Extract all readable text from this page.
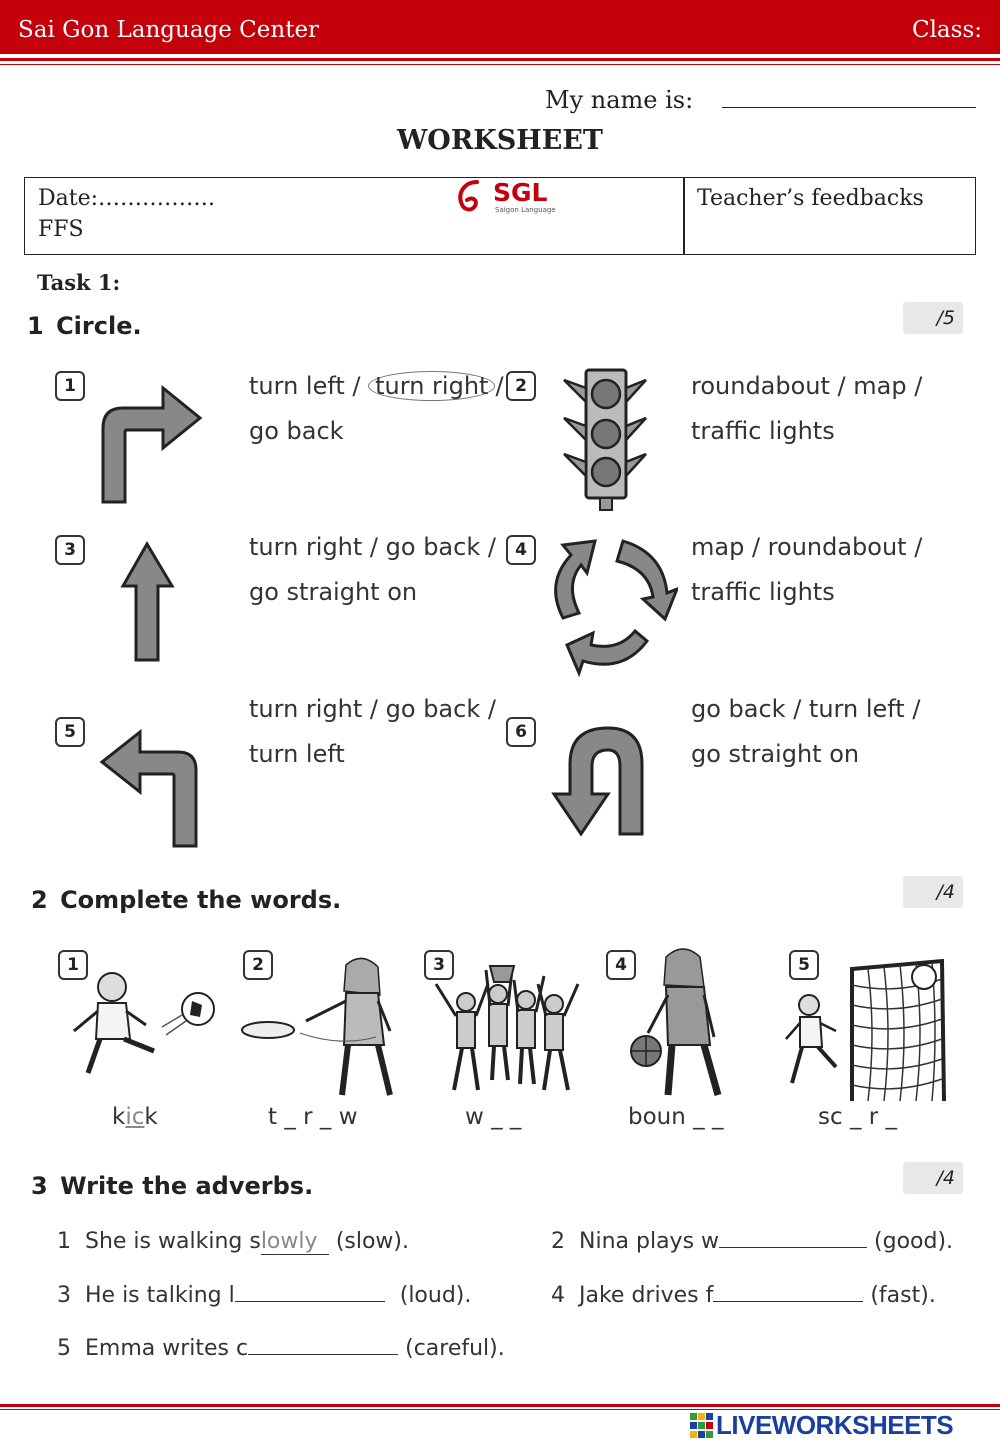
Sai Gon Language Center	Class:
My name is:
WORKSHEET
Date:…………….
FFS
SGL
Saigon Language	Teacher’s feedbacks
Task 1:
1 Circle.	/5
1	turn left / turn right /
go back
2	roundabout / map /
traffic lights
3	turn right / go back /
go straight on
4	map / roundabout /
traffic lights
5
turn right / go back /
turn left
6
go back / turn left /
go straight on
2 Complete the words.	/4
1
kick
2
t _ r _ w
3
w _ _
4
boun _ _
5
sc _ r _
3 Write the adverbs.	/4
1 She is walking slowly (slow).	2 Nina plays w	(good).
3 He is talking l	(loud).	4 Jake drives f	(fast).
5 Emma writes c	(careful).
LIVEWORKSHEETS
